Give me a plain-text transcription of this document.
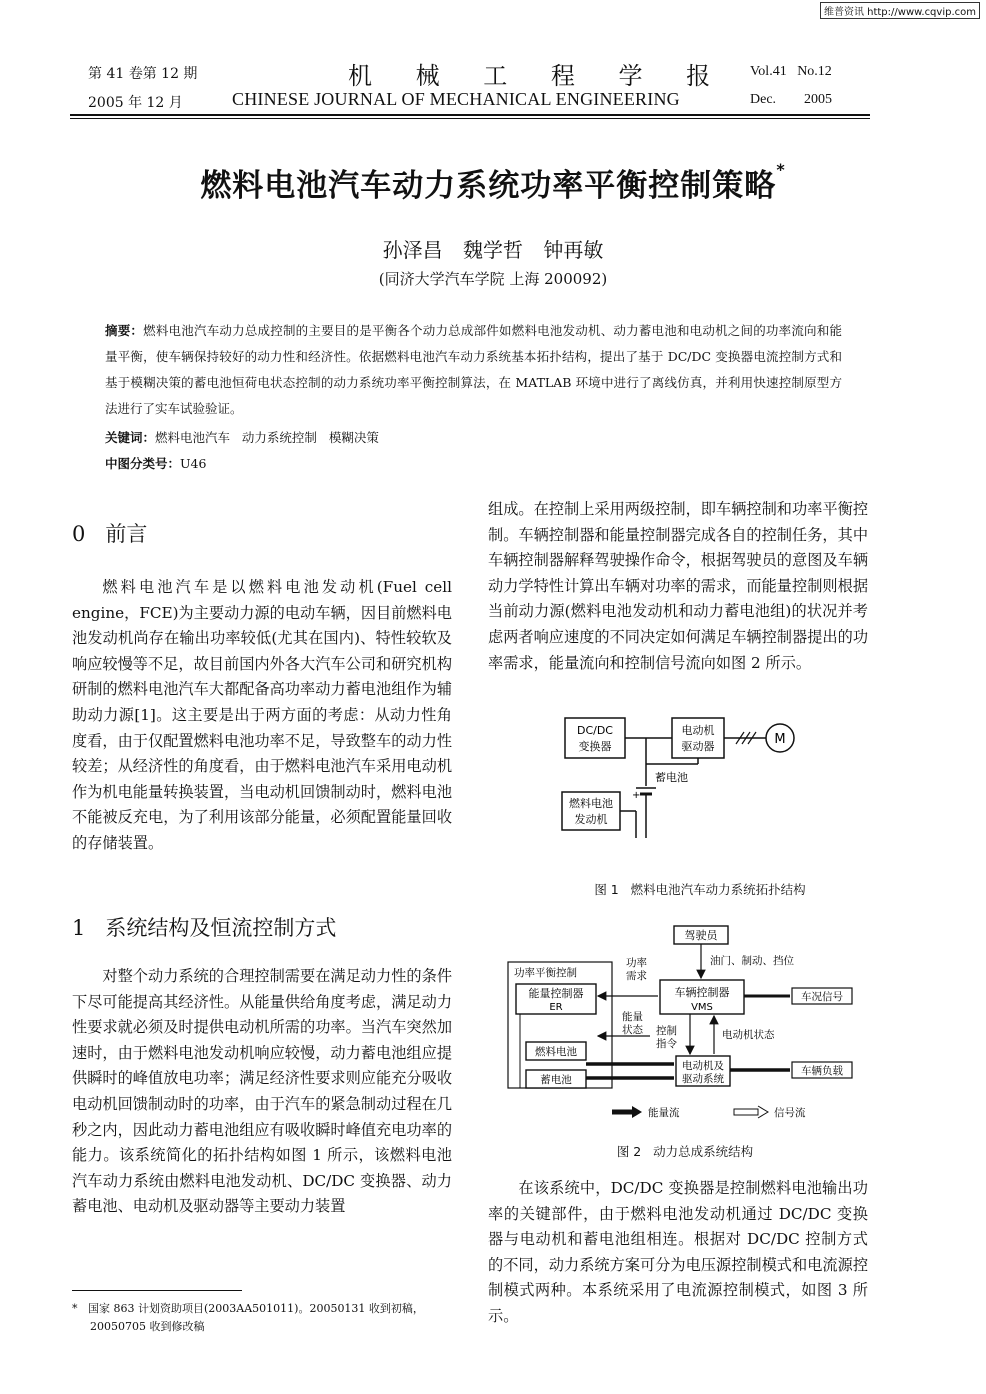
维普资讯 http://www.cqvip.com
第 41 卷第 12 期
2005 年 12 月
机 械 工 程 学 报
CHINESE JOURNAL OF MECHANICAL ENGINEERING
Vol.41   No.12
Dec.        2005
燃料电池汽车动力系统功率平衡控制策略*
孙泽昌 魏学哲 钟再敏
(同济大学汽车学院 上海 200092)
摘要：燃料电池汽车动力总成控制的主要目的是平衡各个动力总成部件如燃料电池发动机、动力蓄电池和电动机之间的功率流向和能量平衡，使车辆保持较好的动力性和经济性。依据燃料电池汽车动力系统基本拓扑结构，提出了基于 DC/DC 变换器电流控制方式和基于模糊决策的蓄电池恒荷电状态控制的动力系统功率平衡控制算法，在 MATLAB 环境中进行了离线仿真，并利用快速控制原型方法进行了实车试验验证。
关键词：燃料电池汽车   动力系统控制   模糊决策
中图分类号：U46
0   前言
燃料电池汽车是以燃料电池发动机(Fuel cell engine，FCE)为主要动力源的电动车辆，因目前燃料电池发动机尚存在输出功率较低(尤其在国内)、特性较软及响应较慢等不足，故目前国内外各大汽车公司和研究机构研制的燃料电池汽车大都配备高功率动力蓄电池组作为辅助动力源[1]。这主要是出于两方面的考虑：从动力性角度看，由于仅配置燃料电池功率不足，导致整车的动力性较差；从经济性的角度看，由于燃料电池汽车采用电动机作为机电能量转换装置，当电动机回馈制动时，燃料电池不能被反充电，为了利用该部分能量，必须配置能量回收的存储装置。
1   系统结构及恒流控制方式
对整个动力系统的合理控制需要在满足动力性的条件下尽可能提高其经济性。从能量供给角度考虑，满足动力性要求就必须及时提供电动机所需的功率。当汽车突然加速时，由于燃料电池发动机响应较慢，动力蓄电池组应提供瞬时的峰值放电功率；满足经济性要求则应能充分吸收电动机回馈制动时的功率，由于汽车的紧急制动过程在几秒之内，因此动力蓄电池组应有吸收瞬时峰值充电功率的能力。该系统简化的拓扑结构如图 1 所示，该燃料电池汽车动力系统由燃料电池发动机、DC/DC 变换器、动力蓄电池、电动机及驱动器等主要动力装置
* 国家 863 计划资助项目(2003AA501011)。20050131 收到初稿，
20050705 收到修改稿
组成。在控制上采用两级控制，即车辆控制和功率平衡控制。车辆控制器和能量控制器完成各自的控制任务，其中车辆控制器解释驾驶操作命令，根据驾驶员的意图及车辆动力学特性计算出车辆对功率的需求，而能量控制则根据当前动力源(燃料电池发动机和动力蓄电池组)的状况并考虑两者响应速度的不同决定如何满足车辆控制器提出的功率需求，能量流向和控制信号流向如图 2 所示。
DC/DC
变换器
电动机
驱动器
+
蓄电池
M
燃料电池
发动机
图 1   燃料电池汽车动力系统拓扑结构
驾驶员
油门、制动、挡位
功率平衡控制
能量控制器
ER
燃料电池
蓄电池
车辆控制器
VMS
功率
需求
车况信号
能量
状态 控制
指令
电动机状态
电动机及
驱动系统
车辆负载
能量流	信号流
图 2   动力总成系统结构
在该系统中，DC/DC 变换器是控制燃料电池输出功率的关键部件，由于燃料电池发动机通过 DC/DC 变换器与电动机和蓄电池组相连。根据对 DC/DC 控制方式的不同，动力系统方案可分为电压源控制模式和电流源控制模式两种。本系统采用了电流源控制模式，如图 3 所示。
